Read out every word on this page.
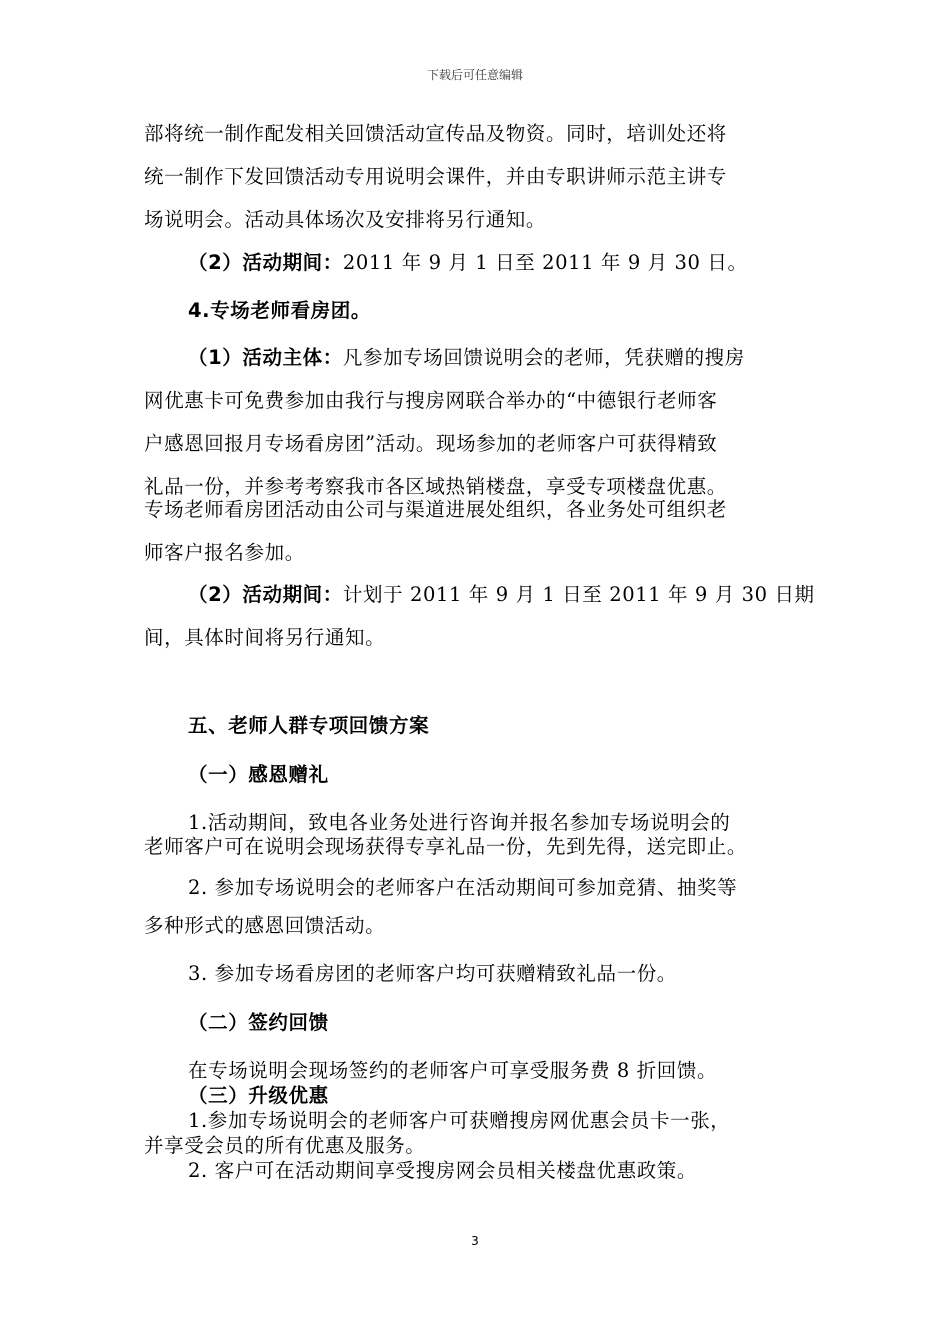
下载后可任意编辑
部将统一制作配发相关回馈活动宣传品及物资。同时，培训处还将
统一制作下发回馈活动专用说明会课件，并由专职讲师示范主讲专
场说明会。活动具体场次及安排将另行通知。
（2）活动期间：2011 年 9 月 1 日至 2011 年 9 月 30 日。
4.专场老师看房团。
（1）活动主体：凡参加专场回馈说明会的老师，凭获赠的搜房
网优惠卡可免费参加由我行与搜房网联合举办的“中德银行老师客
户感恩回报月专场看房团”活动。现场参加的老师客户可获得精致
礼品一份，并参考考察我市各区域热销楼盘，享受专项楼盘优惠。
专场老师看房团活动由公司与渠道进展处组织，各业务处可组织老
师客户报名参加。
（2）活动期间：计划于 2011 年 9 月 1 日至 2011 年 9 月 30 日期
间，具体时间将另行通知。
五、老师人群专项回馈方案
（一）感恩赠礼
1.活动期间，致电各业务处进行咨询并报名参加专场说明会的
老师客户可在说明会现场获得专享礼品一份，先到先得，送完即止。
2. 参加专场说明会的老师客户在活动期间可参加竞猜、抽奖等
多种形式的感恩回馈活动。
3. 参加专场看房团的老师客户均可获赠精致礼品一份。
（二）签约回馈
在专场说明会现场签约的老师客户可享受服务费 8 折回馈。
（三）升级优惠
1.参加专场说明会的老师客户可获赠搜房网优惠会员卡一张，
并享受会员的所有优惠及服务。
2. 客户可在活动期间享受搜房网会员相关楼盘优惠政策。
3
